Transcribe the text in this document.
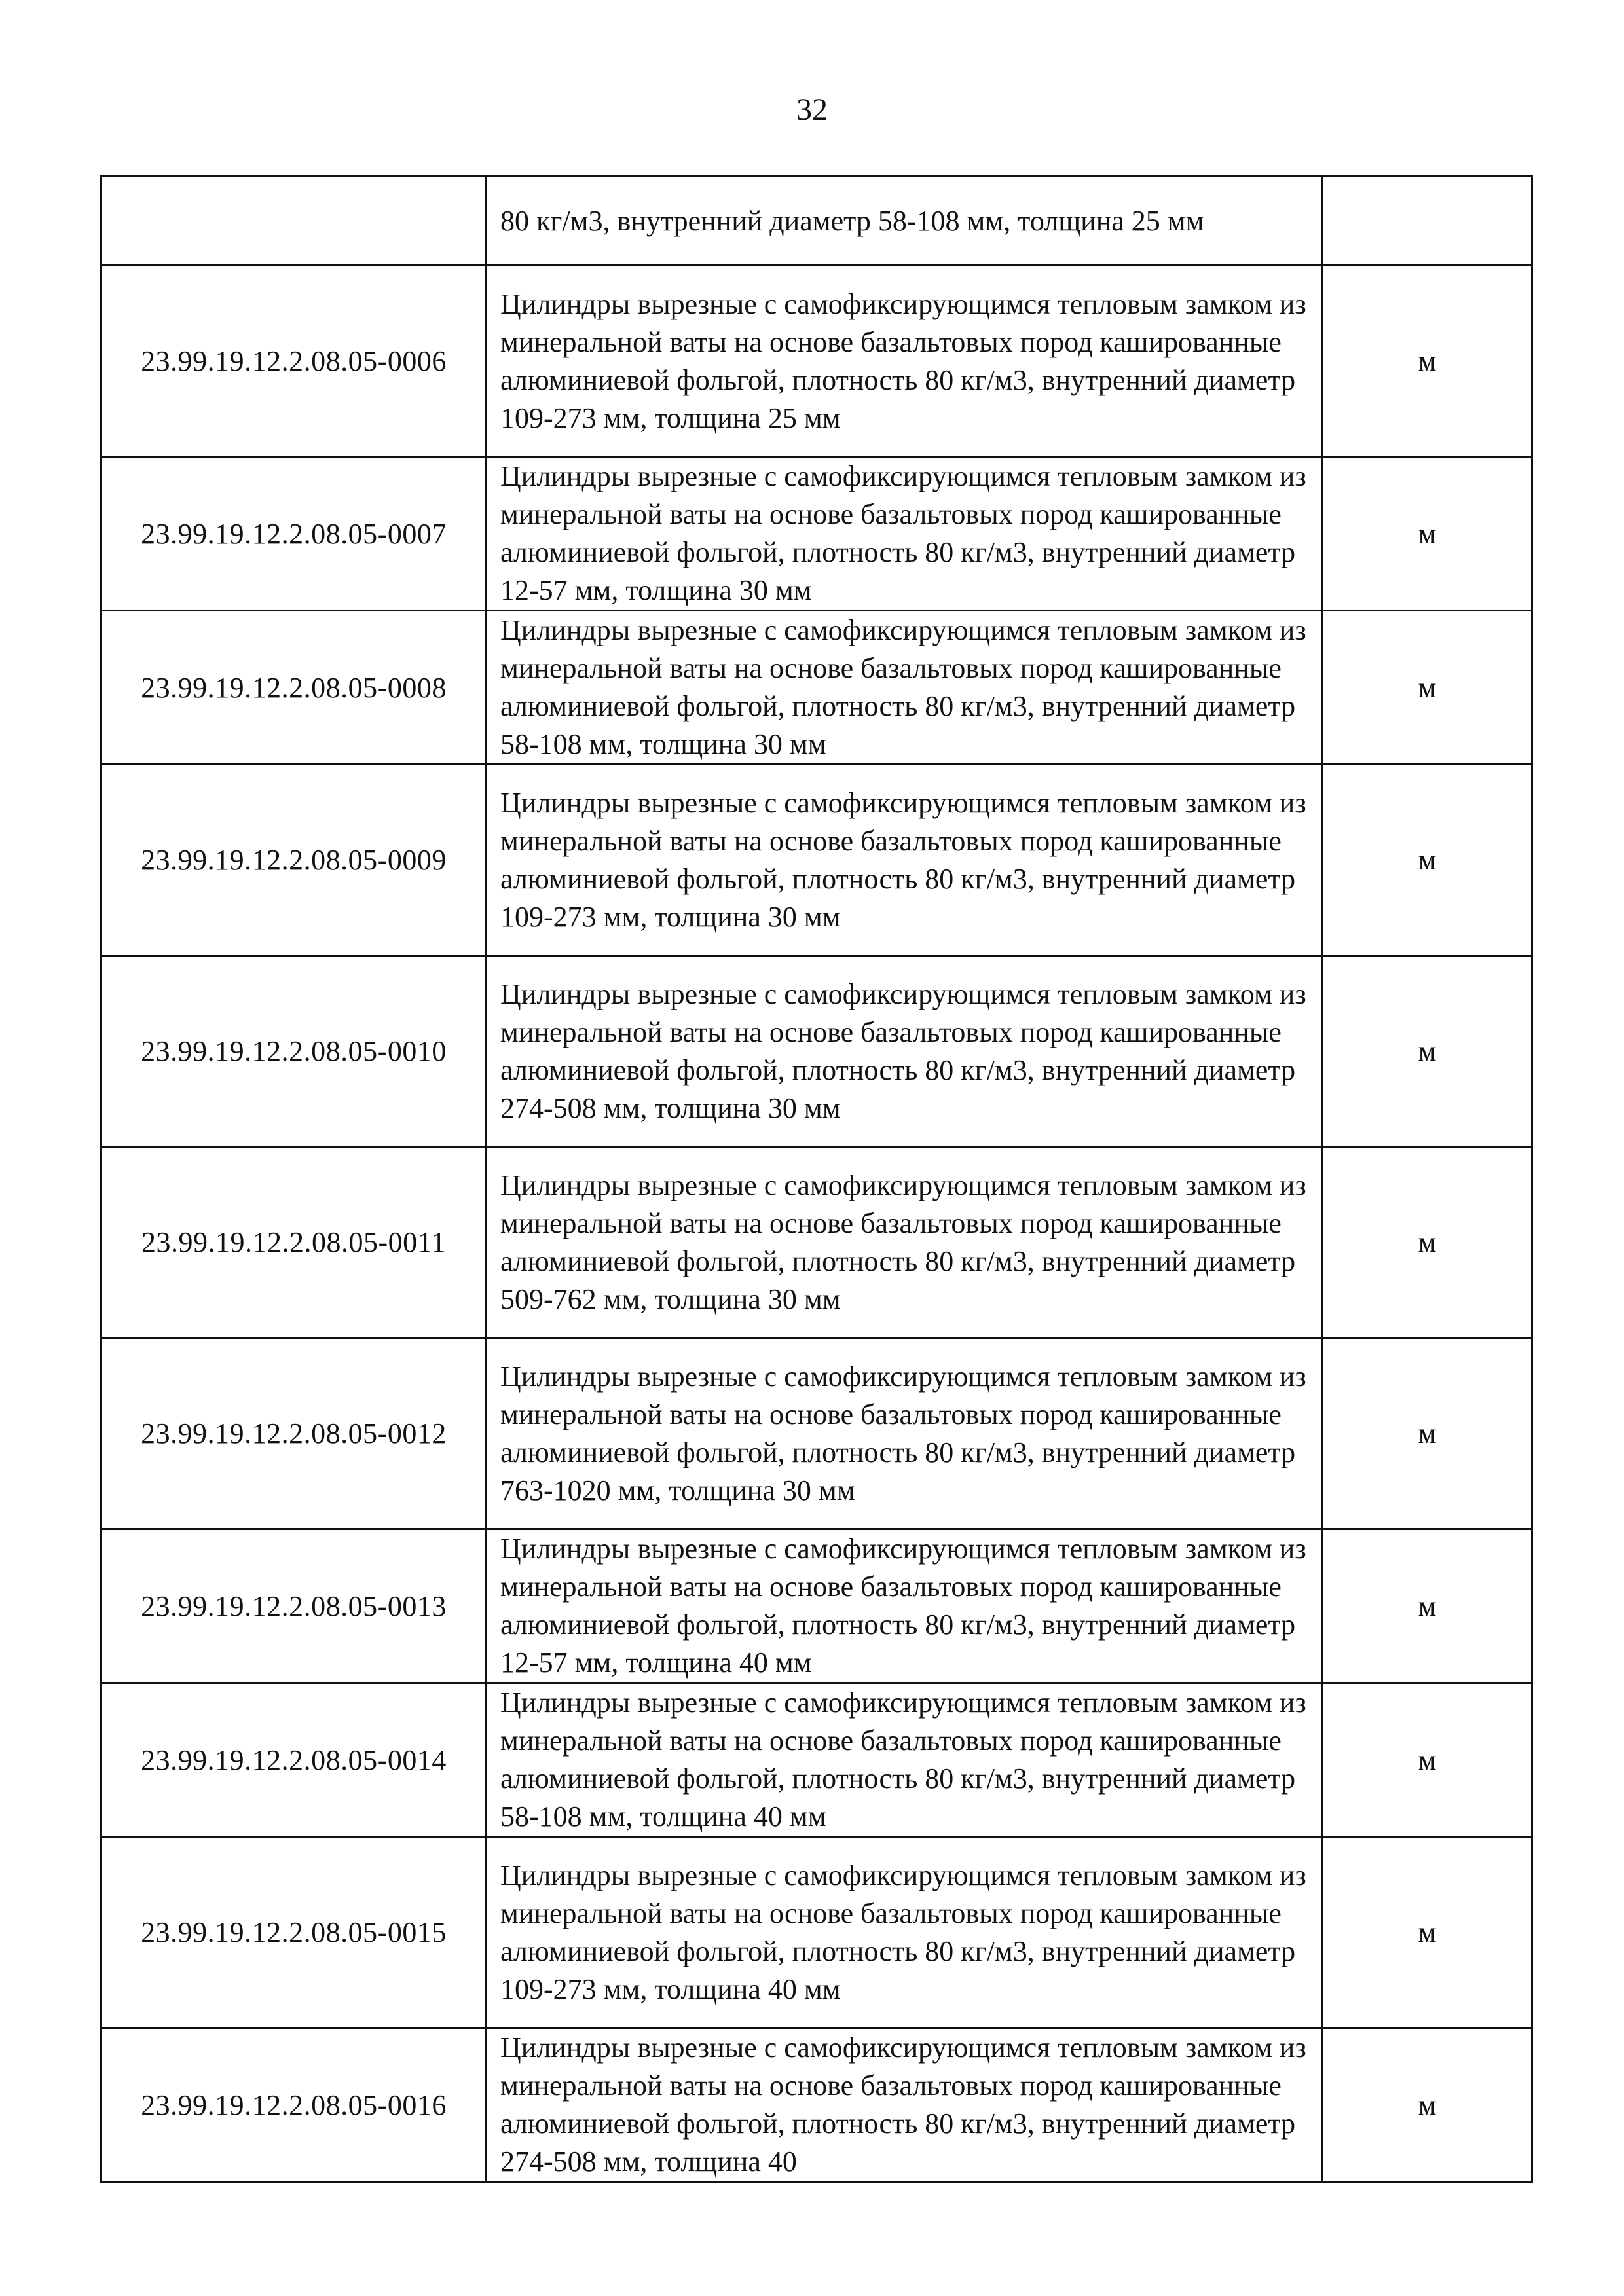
32
	80 кг/м3, внутренний диаметр 58-108 мм, толщина 25 мм	
23.99.19.12.2.08.05-0006	Цилиндры вырезные с самофиксирующимся тепловым замком из минеральной ваты на основе базальтовых пород кашированные алюминиевой фольгой, плотность 80 кг/м3, внутренний диаметр 109-273 мм, толщина 25 мм	м
23.99.19.12.2.08.05-0007	Цилиндры вырезные с самофиксирующимся тепловым замком из минеральной ваты на основе базальтовых пород кашированные алюминиевой фольгой, плотность 80 кг/м3, внутренний диаметр 12-57 мм, толщина 30 мм	м
23.99.19.12.2.08.05-0008	Цилиндры вырезные с самофиксирующимся тепловым замком из минеральной ваты на основе базальтовых пород кашированные алюминиевой фольгой, плотность 80 кг/м3, внутренний диаметр 58-108 мм, толщина 30 мм	м
23.99.19.12.2.08.05-0009	Цилиндры вырезные с самофиксирующимся тепловым замком из минеральной ваты на основе базальтовых пород кашированные алюминиевой фольгой, плотность 80 кг/м3, внутренний диаметр 109-273 мм, толщина 30 мм	м
23.99.19.12.2.08.05-0010	Цилиндры вырезные с самофиксирующимся тепловым замком из минеральной ваты на основе базальтовых пород кашированные алюминиевой фольгой, плотность 80 кг/м3, внутренний диаметр 274-508 мм, толщина 30 мм	м
23.99.19.12.2.08.05-0011	Цилиндры вырезные с самофиксирующимся тепловым замком из минеральной ваты на основе базальтовых пород кашированные алюминиевой фольгой, плотность 80 кг/м3, внутренний диаметр 509-762 мм, толщина 30 мм	м
23.99.19.12.2.08.05-0012	Цилиндры вырезные с самофиксирующимся тепловым замком из минеральной ваты на основе базальтовых пород кашированные алюминиевой фольгой, плотность 80 кг/м3, внутренний диаметр 763-1020 мм, толщина 30 мм	м
23.99.19.12.2.08.05-0013	Цилиндры вырезные с самофиксирующимся тепловым замком из минеральной ваты на основе базальтовых пород кашированные алюминиевой фольгой, плотность 80 кг/м3, внутренний диаметр 12-57 мм, толщина 40 мм	м
23.99.19.12.2.08.05-0014	Цилиндры вырезные с самофиксирующимся тепловым замком из минеральной ваты на основе базальтовых пород кашированные алюминиевой фольгой, плотность 80 кг/м3, внутренний диаметр 58-108 мм, толщина 40 мм	м
23.99.19.12.2.08.05-0015	Цилиндры вырезные с самофиксирующимся тепловым замком из минеральной ваты на основе базальтовых пород кашированные алюминиевой фольгой, плотность 80 кг/м3, внутренний диаметр 109-273 мм, толщина 40 мм	м
23.99.19.12.2.08.05-0016	Цилиндры вырезные с самофиксирующимся тепловым замком из минеральной ваты на основе базальтовых пород кашированные алюминиевой фольгой, плотность 80 кг/м3, внутренний диаметр 274-508 мм, толщина 40	м
